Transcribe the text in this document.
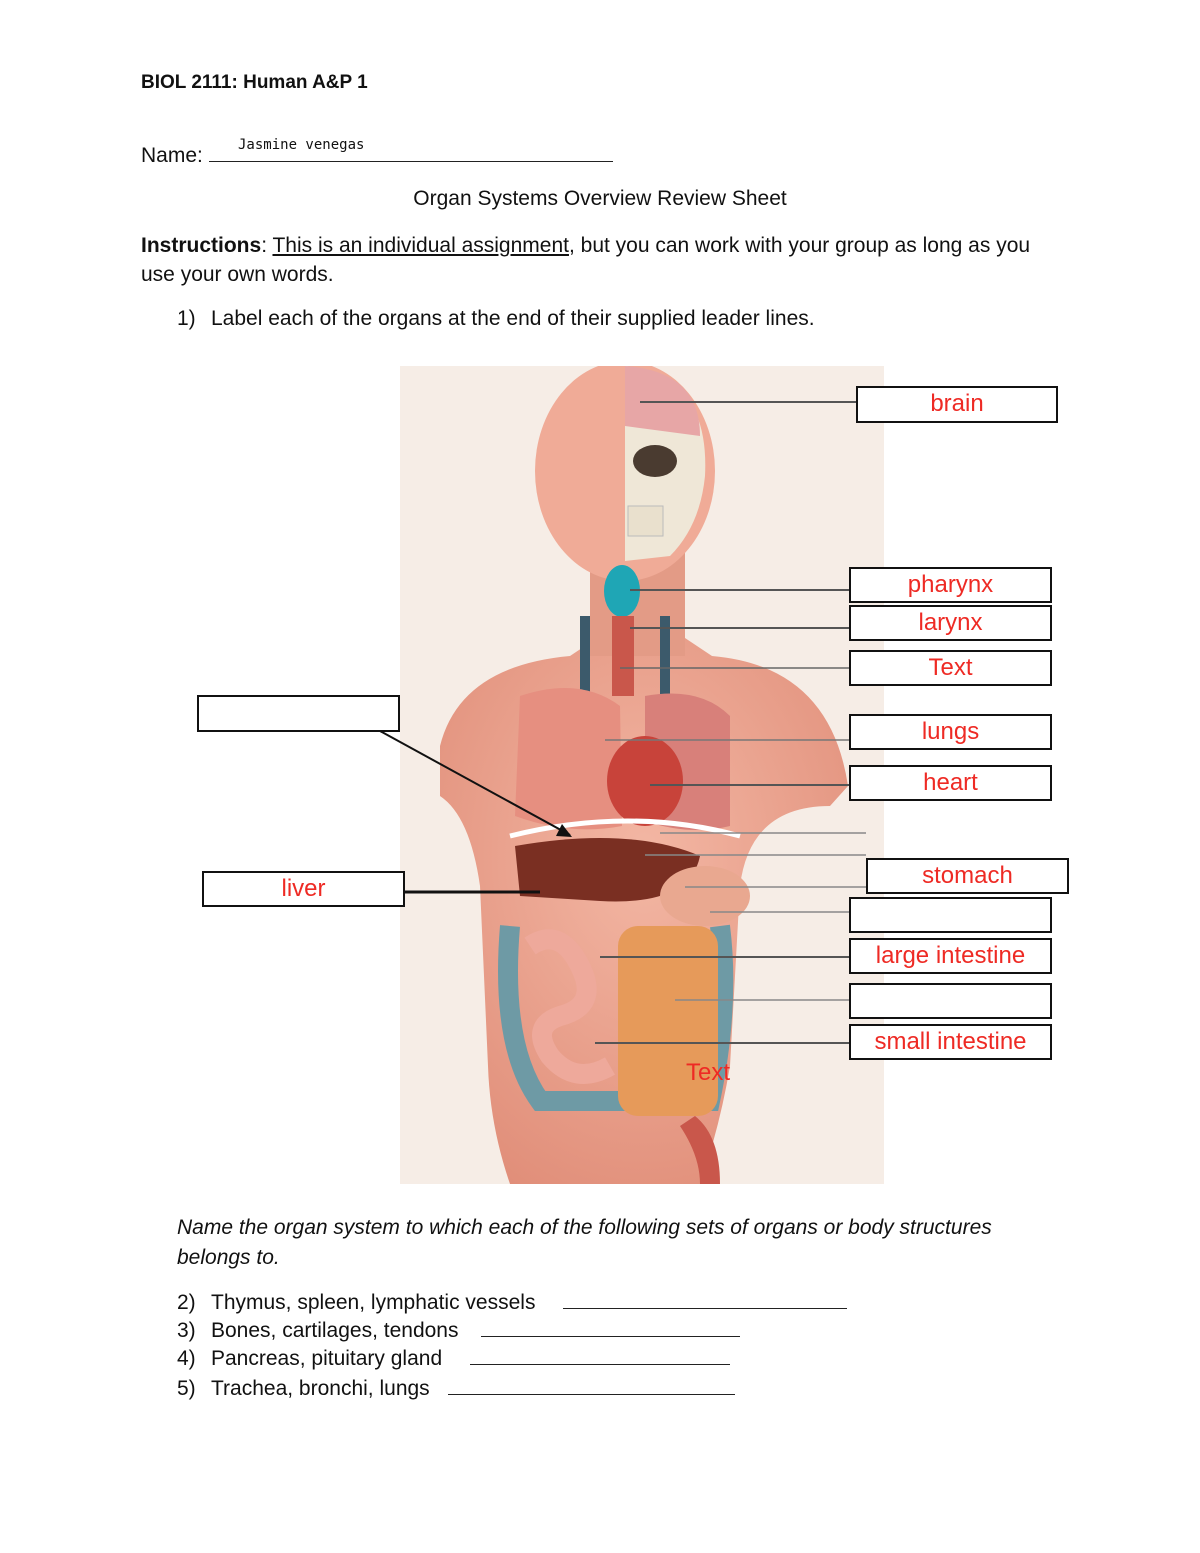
BIOL 2111: Human A&P 1
Name:	Jasmine venegas
Organ Systems Overview Review Sheet
Instructions: This is an individual assignment, but you can work with your group as long as you use your own words.
1) Label each of the organs at the end of their supplied leader lines.
brain
pharynx
larynx
Text
lungs
heart
liver	stomach
large intestine
small intestine
Text
Name the organ system to which each of the following sets of organs or body structures belongs to.
2) Thymus, spleen, lymphatic vessels
3) Bones, cartilages, tendons
4) Pancreas, pituitary gland
5) Trachea, bronchi, lungs
